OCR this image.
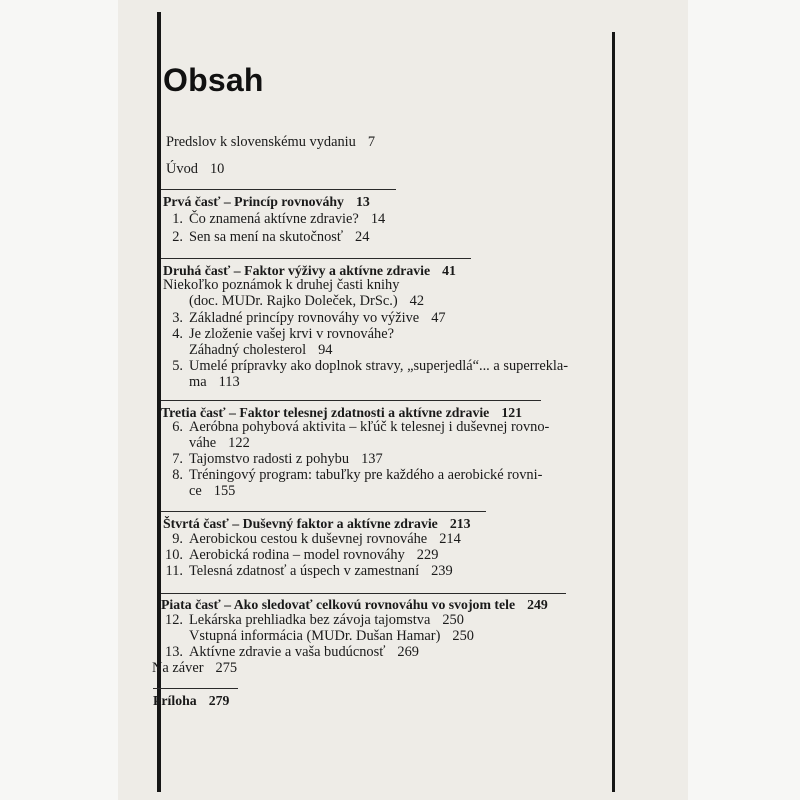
Obsah
Predslov k slovenskému vydaniu 7
Úvod 10
Prvá časť – Princíp rovnováhy 13
1. Čo znamená aktívne zdravie? 14
2. Sen sa mení na skutočnosť 24
Druhá časť – Faktor výživy a aktívne zdravie 41
Niekoľko poznámok k druhej časti knihy
(doc. MUDr. Rajko Doleček, DrSc.) 42
3. Základné princípy rovnováhy vo výžive 47
4. Je zloženie vašej krvi v rovnováhe?
Záhadný cholesterol 94
5. Umelé prípravky ako doplnok stravy, „superjedlá“... a superrekla-
ma 113
Tretia časť – Faktor telesnej zdatnosti a aktívne zdravie 121
6. Aeróbna pohybová aktivita – kľúč k telesnej i duševnej rovno-
váhe 122
7. Tajomstvo radosti z pohybu 137
8. Tréningový program: tabuľky pre každého a aerobické rovni-
ce 155
Štvrtá časť – Duševný faktor a aktívne zdravie 213
9. Aerobickou cestou k duševnej rovnováhe 214
10. Aerobická rodina – model rovnováhy 229
11. Telesná zdatnosť a úspech v zamestnaní 239
Piata časť – Ako sledovať celkovú rovnováhu vo svojom tele 249
12. Lekárska prehliadka bez závoja tajomstva 250
Vstupná informácia (MUDr. Dušan Hamar) 250
13. Aktívne zdravie a vaša budúcnosť 269
Na záver 275
Príloha 279
